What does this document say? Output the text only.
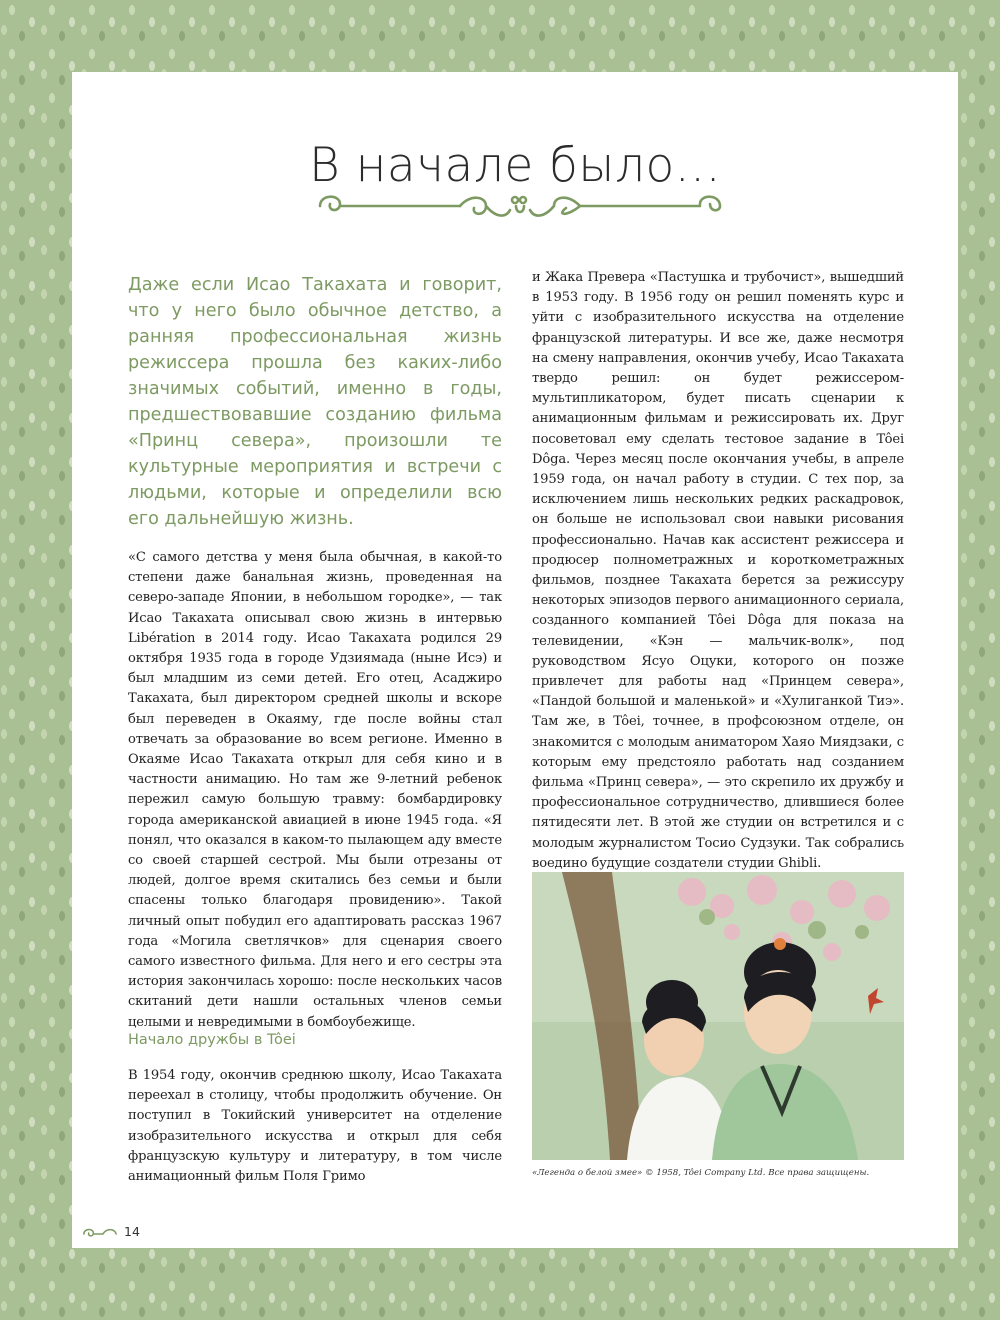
В начале было...

Даже если Исао Такахата и говорит, что у него было обычное детство, а ранняя профессиональная жизнь режиссера прошла без каких-либо значимых событий, именно в годы, предшествовавшие созданию фильма «Принц севера», произошли те культурные мероприятия и встречи с людьми, которые и определили всю его дальнейшую жизнь.

«С самого детства у меня была обычная, в какой-то степени даже банальная жизнь, проведенная на северо-западе Японии, в небольшом городке», — так Исао Такахата описывал свою жизнь в интервью Libération в 2014 году. Исао Такахата родился 29 октября 1935 года в городе Удзиямада (ныне Исэ) и был младшим из семи детей. Его отец, Асаджиро Такахата, был директором средней школы и вскоре был переведен в Окаяму, где после войны стал отвечать за образование во всем регионе. Именно в Окаяме Исао Такахата открыл для себя кино и в частности анимацию. Но там же 9-летний ребенок пережил самую большую травму: бомбардировку города американской авиацией в июне 1945 года. «Я понял, что оказался в каком-то пылающем аду вместе со своей старшей сестрой. Мы были отрезаны от людей, долгое время скитались без семьи и были спасены только благодаря провидению». Такой личный опыт побудил его адаптировать рассказ 1967 года «Могила светлячков» для сценария своего самого известного фильма. Для него и его сестры эта история закончилась хорошо: после нескольких часов скитаний дети нашли остальных членов семьи целыми и невредимыми в бомбоубежище.

Начало дружбы в Tôei

В 1954 году, окончив среднюю школу, Исао Такахата переехал в столицу, чтобы продолжить обучение. Он поступил в Токийский университет на отделение изобразительного искусства и открыл для себя французскую культуру и литературу, в том числе анимационный фильм Поля Гримо

и Жака Превера «Пастушка и трубочист», вышедший в 1953 году. В 1956 году он решил поменять курс и уйти с изобразительного искусства на отделение французской литературы. И все же, даже несмотря на смену направления, окончив учебу, Исао Такахата твердо решил: он будет режиссером-мультипликатором, будет писать сценарии к анимационным фильмам и режиссировать их. Друг посоветовал ему сделать тестовое задание в Tôei Dôga. Через месяц после окончания учебы, в апреле 1959 года, он начал работу в студии. С тех пор, за исключением лишь нескольких редких раскадровок, он больше не использовал свои навыки рисования профессионально. Начав как ассистент режиссера и продюсер полнометражных и короткометражных фильмов, позднее Такахата берется за режиссуру некоторых эпизодов первого анимационного сериала, созданного компанией Tôei Dôga для показа на телевидении, «Кэн — мальчик-волк», под руководством Ясуо Оцуки, которого он позже привлечет для работы над «Принцем севера», «Пандой большой и маленькой» и «Хулиганкой Тиэ». Там же, в Tôei, точнее, в профсоюзном отделе, он знакомится с молодым аниматором Хаяо Миядзаки, с которым ему предстояло работать над созданием фильма «Принц севера», — это скрепило их дружбу и профессиональное сотрудничество, длившиеся более пятидесяти лет. В этой же студии он встретился и с молодым журналистом Тосио Судзуки. Так собрались воедино будущие создатели студии Ghibli.

«Легенда о белой змее» © 1958, Tôei Company Ltd. Все права защищены.

14
